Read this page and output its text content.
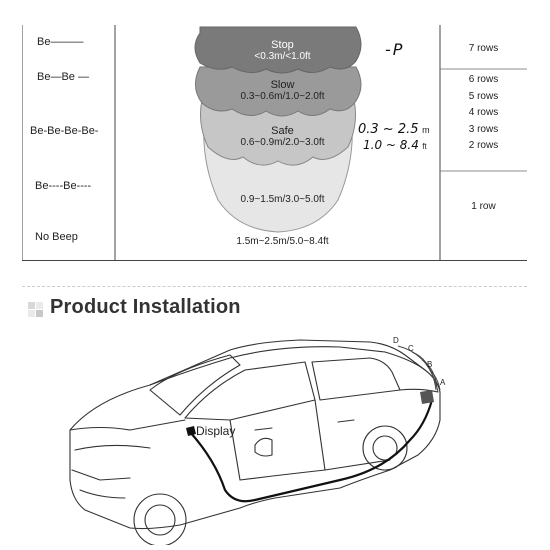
Be———
Be—Be —
Be-Be-Be-Be-
Be----Be----
No Beep
Stop
<0.3m/<1.0ft
Slow
0.3~0.6m/1.0~2.0ft
Safe
0.6~0.9m/2.0~3.0ft
0.9~1.5m/3.0~5.0ft
1.5m~2.5m/5.0~8.4ft
-P
0.3 ~ 2.5 m
1.0 ~ 8.4 ft
7 rows
6 rows
5 rows
4 rows
3 rows
2 rows
1 row
Product Installation
Display
D
C
B
A
